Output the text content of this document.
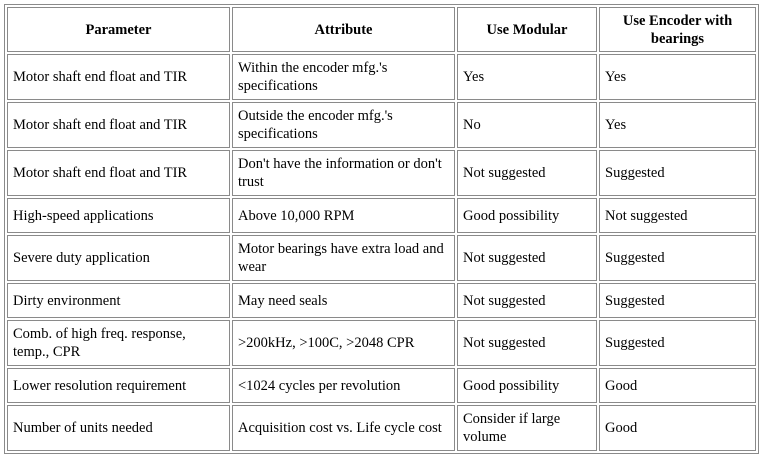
Parameter	Attribute	Use Modular	Use Encoder with bearings
Motor shaft end float and TIR	Within the encoder mfg.'s specifications	Yes	Yes
Motor shaft end float and TIR	Outside the encoder mfg.'s specifications	No	Yes
Motor shaft end float and TIR	Don't have the information or don't trust	Not suggested	Suggested
High-speed applications	Above 10,000 RPM	Good possibility	Not suggested
Severe duty application	Motor bearings have extra load and wear	Not suggested	Suggested
Dirty environment	May need seals	Not suggested	Suggested
Comb. of high freq. response, temp., CPR	>200kHz, >100C, >2048 CPR	Not suggested	Suggested
Lower resolution requirement	<1024 cycles per revolution	Good possibility	Good
Number of units needed	Acquisition cost vs. Life cycle cost	Consider if large volume	Good
